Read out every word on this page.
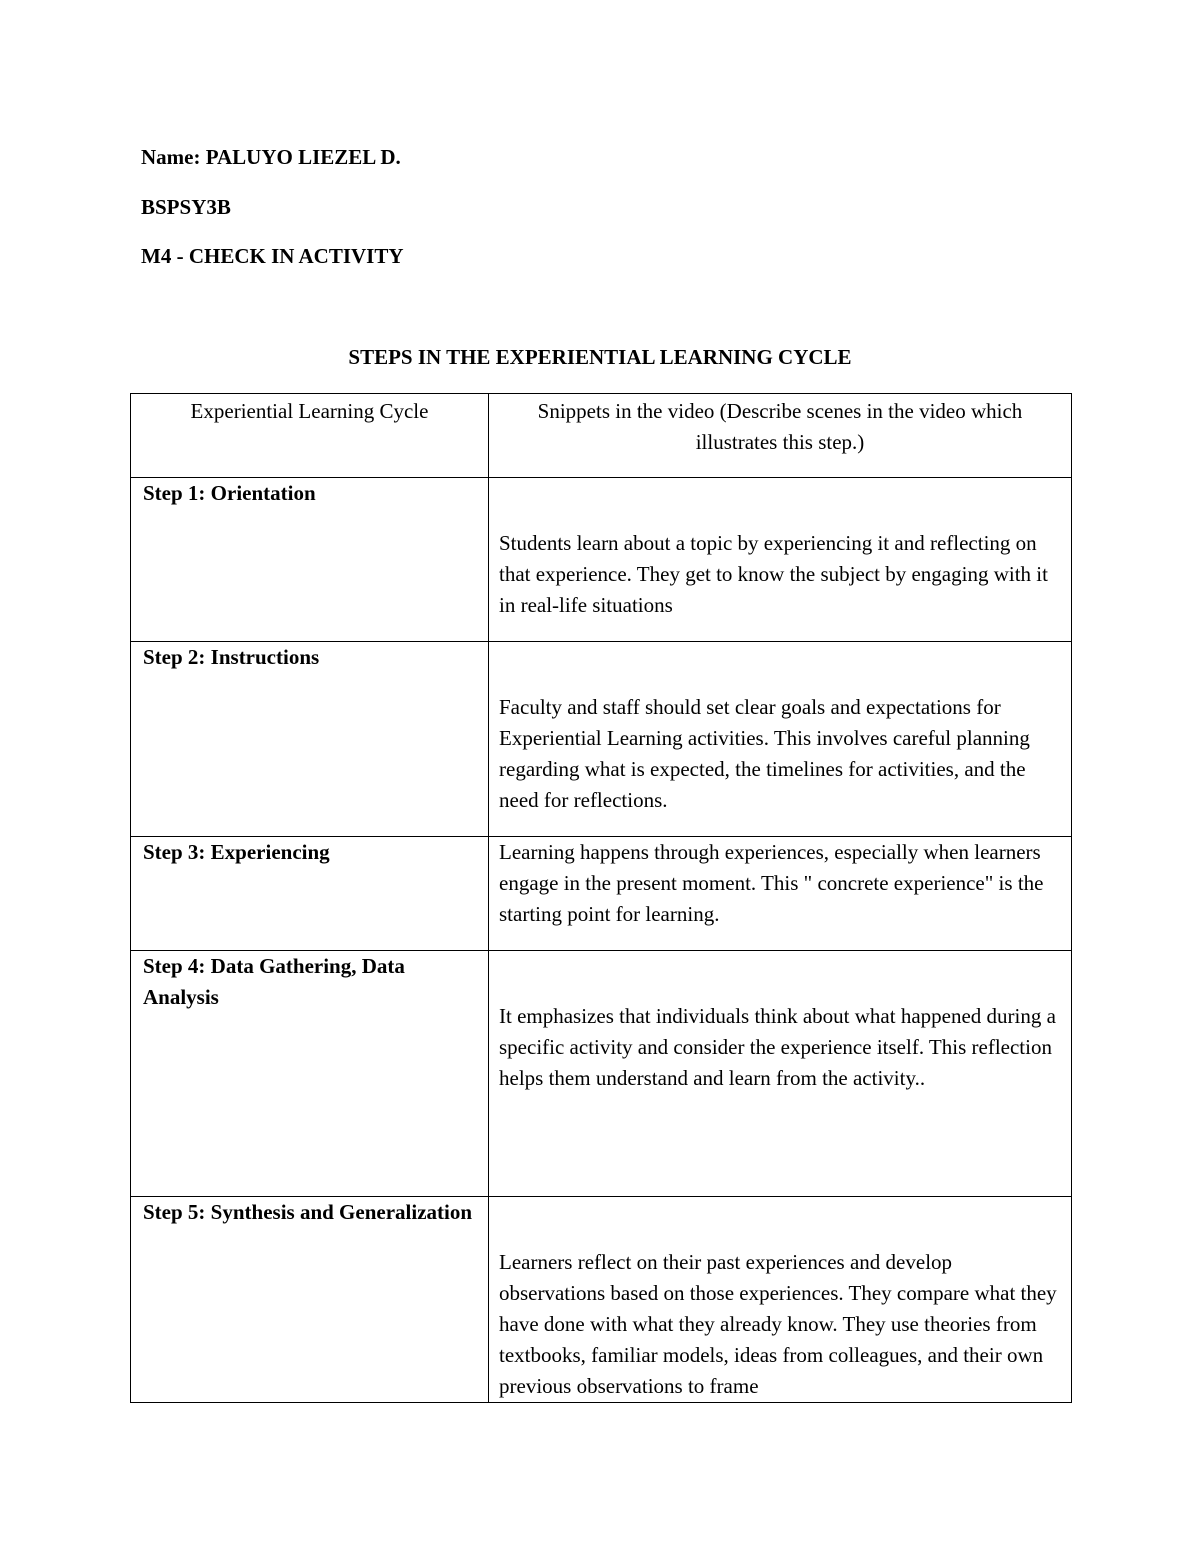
Name: PALUYO LIEZEL D.
BSPSY3B
M4 - CHECK IN ACTIVITY
STEPS IN THE EXPERIENTIAL LEARNING CYCLE
Experiential Learning Cycle	Snippets in the video (Describe scenes in the video which illustrates this step.)

Step 1: Orientation	Students learn about a topic by experiencing it and reflecting on that experience. They get to know the subject by engaging with it in real-life situations

Step 2: Instructions	Faculty and staff should set clear goals and expectations for Experiential Learning activities. This involves careful planning regarding what is expected, the timelines for activities, and the need for reflections.

Step 3: Experiencing	Learning happens through experiences, especially when learners engage in the present moment. This " concrete experience" is the starting point for learning.

Step 4: Data Gathering, Data Analysis	It emphasizes that individuals think about what happened during a specific activity and consider the experience itself. This reflection helps them understand and learn from the activity..

Step 5: Synthesis and Generalization	Learners reflect on their past experiences and develop observations based on those experiences. They compare what they have done with what they already know. They use theories from textbooks, familiar models, ideas from colleagues, and their own previous observations to frame
